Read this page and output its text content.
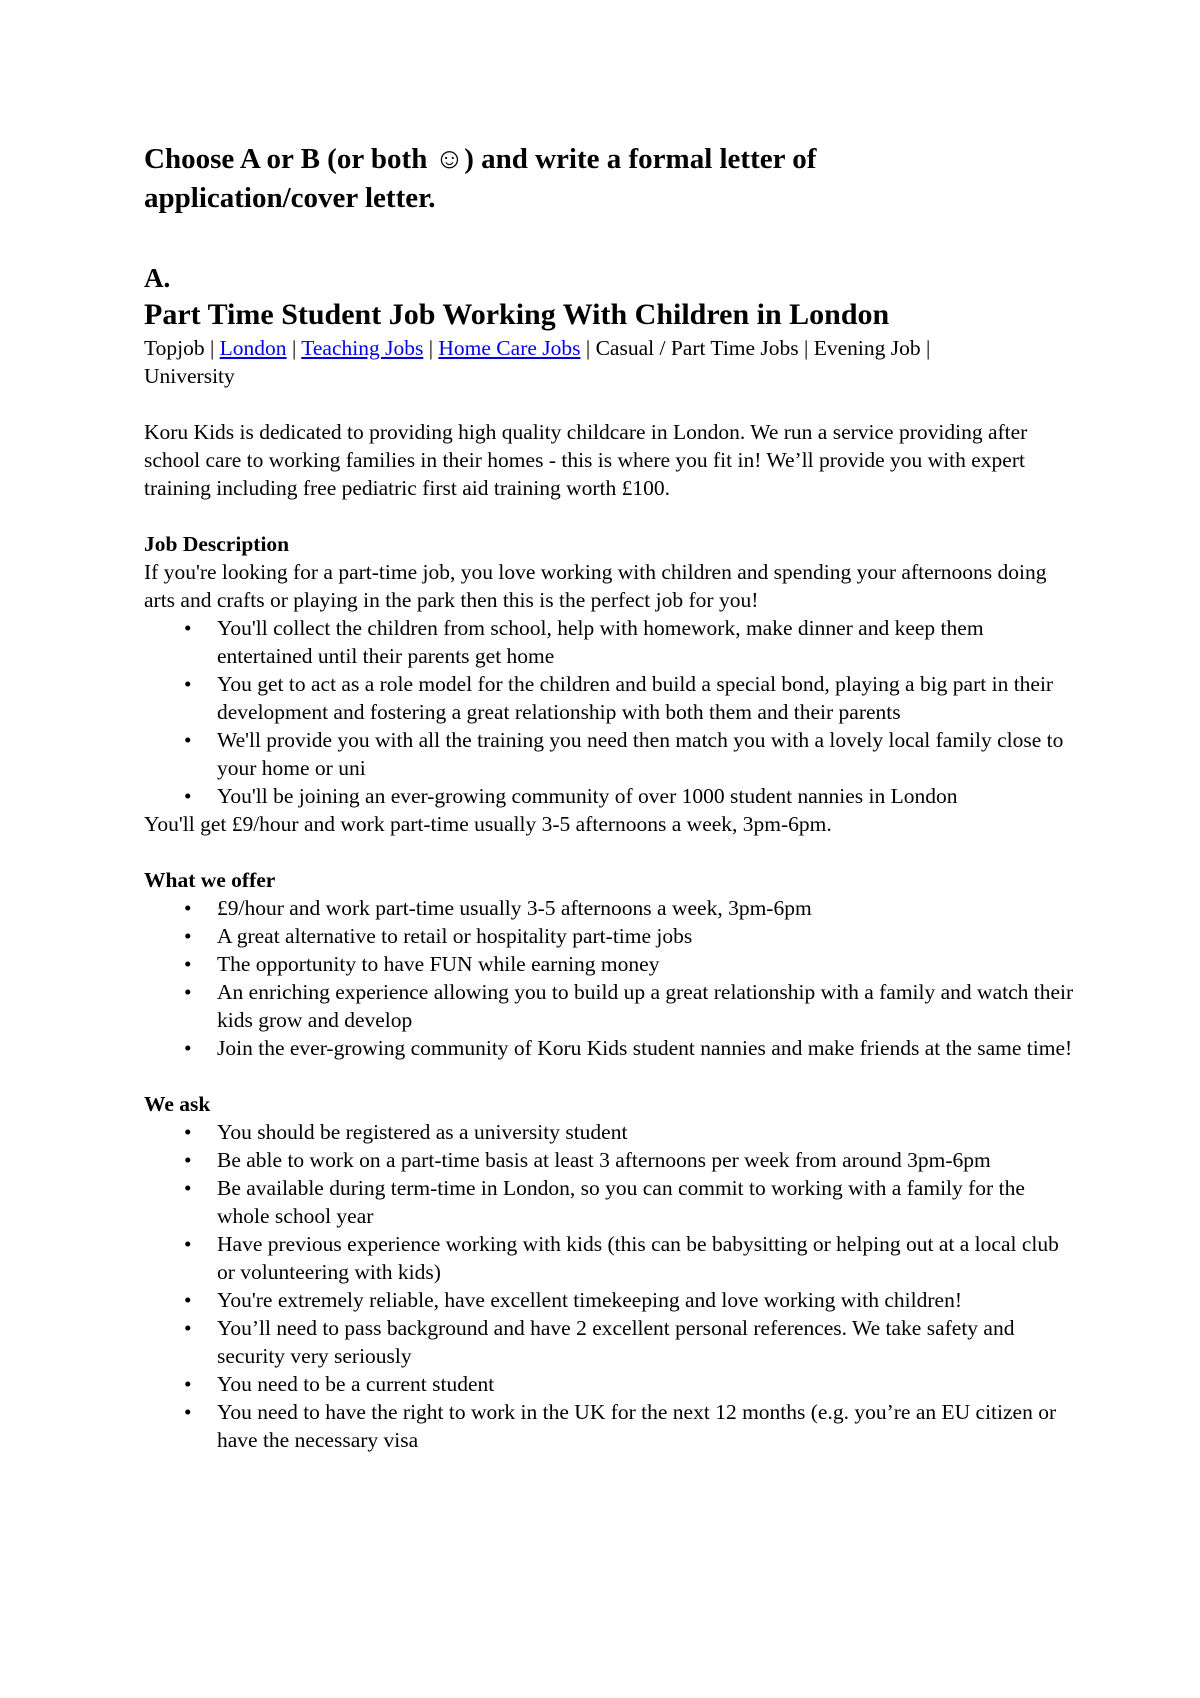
Choose A or B (or both ☺) and write a formal letter of
application/cover letter.
A.
Part Time Student Job Working With Children in London
Topjob | London | Teaching Jobs | Home Care Jobs | Casual / Part Time Jobs | Evening Job |
University

Koru Kids is dedicated to providing high quality childcare in London. We run a service providing after school care to working families in their homes - this is where you fit in! We’ll provide you with expert training including free pediatric first aid training worth £100.

Job Description

If you're looking for a part-time job, you love working with children and spending your afternoons doing arts and crafts or playing in the park then this is the perfect job for you!

• You'll collect the children from school, help with homework, make dinner and keep them entertained until their parents get home
• You get to act as a role model for the children and build a special bond, playing a big part in their development and fostering a great relationship with both them and their parents
• We'll provide you with all the training you need then match you with a lovely local family close to your home or uni
• You'll be joining an ever-growing community of over 1000 student nannies in London

You'll get £9/hour and work part-time usually 3-5 afternoons a week, 3pm-6pm.

What we offer
• £9/hour and work part-time usually 3-5 afternoons a week, 3pm-6pm
• A great alternative to retail or hospitality part-time jobs
• The opportunity to have FUN while earning money
• An enriching experience allowing you to build up a great relationship with a family and watch their kids grow and develop
• Join the ever-growing community of Koru Kids student nannies and make friends at the same time!
We ask
• You should be registered as a university student
• Be able to work on a part-time basis at least 3 afternoons per week from around 3pm-6pm
• Be available during term-time in London, so you can commit to working with a family for the whole school year
• Have previous experience working with kids (this can be babysitting or helping out at a local club or volunteering with kids)
• You're extremely reliable, have excellent timekeeping and love working with children!
• You’ll need to pass background and have 2 excellent personal references. We take safety and security very seriously
• You need to be a current student
• You need to have the right to work in the UK for the next 12 months (e.g. you’re an EU citizen or have the necessary visa
